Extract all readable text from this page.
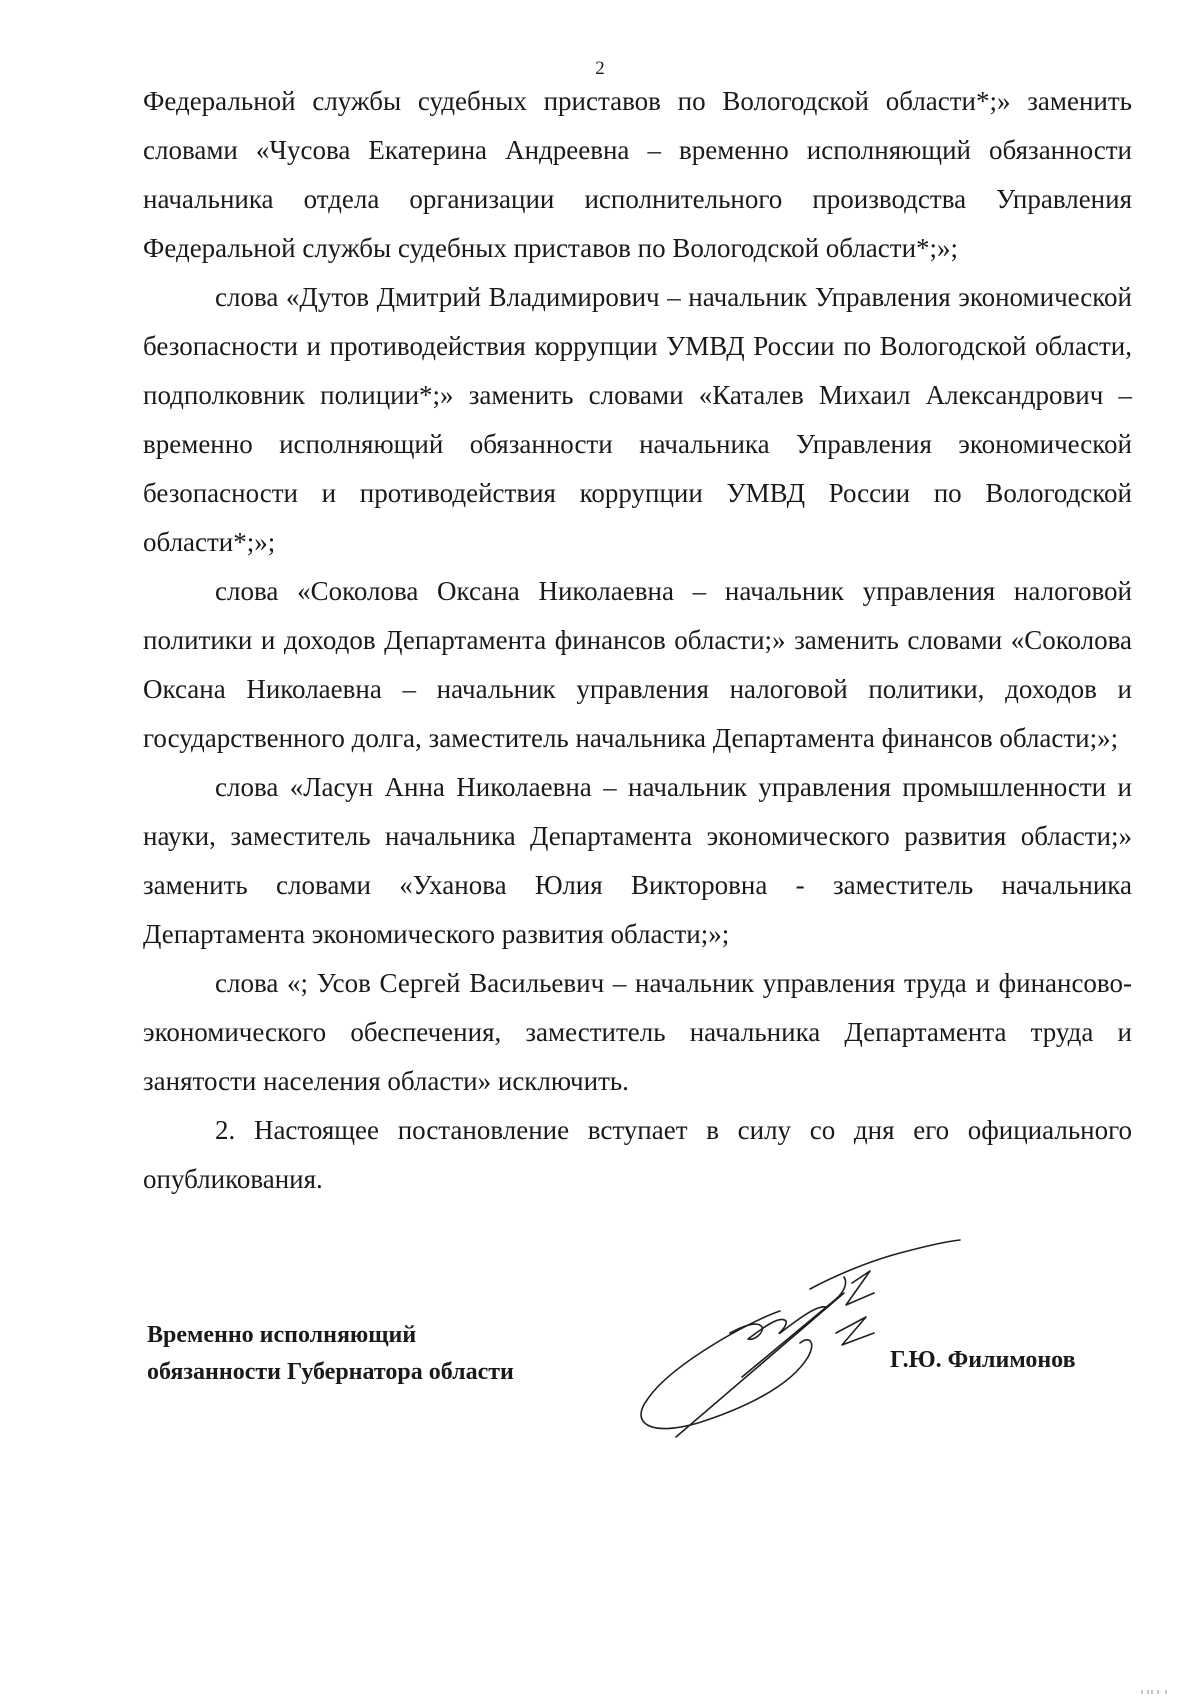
2

Федеральной службы судебных приставов по Вологодской области*;» заменить словами «Чусова Екатерина Андреевна – временно исполняющий обязанности начальника отдела организации исполнительного производства Управления Федеральной службы судебных приставов по Вологодской области*;»;

слова «Дутов Дмитрий Владимирович – начальник Управления экономической безопасности и противодействия коррупции УМВД России по Вологодской области, подполковник полиции*;» заменить словами «Каталев Михаил Александрович – временно исполняющий обязанности начальника Управления экономической безопасности и противодействия коррупции УМВД России по Вологодской области*;»;

слова «Соколова Оксана Николаевна – начальник управления налоговой политики и доходов Департамента финансов области;» заменить словами «Соколова Оксана Николаевна – начальник управления налоговой политики, доходов и государственного долга, заместитель начальника Департамента финансов области;»;

слова «Ласун Анна Николаевна – начальник управления промышленности и науки, заместитель начальника Департамента экономического развития области;» заменить словами «Уханова Юлия Викторовна - заместитель начальника Департамента экономического развития области;»;

слова «; Усов Сергей Васильевич – начальник управления труда и финансово-экономического обеспечения, заместитель начальника Департамента труда и занятости населения области» исключить.

2. Настоящее постановление вступает в силу со дня его официального опубликования.

Временно исполняющий
обязанности Губернатора области	Г.Ю. Филимонов
